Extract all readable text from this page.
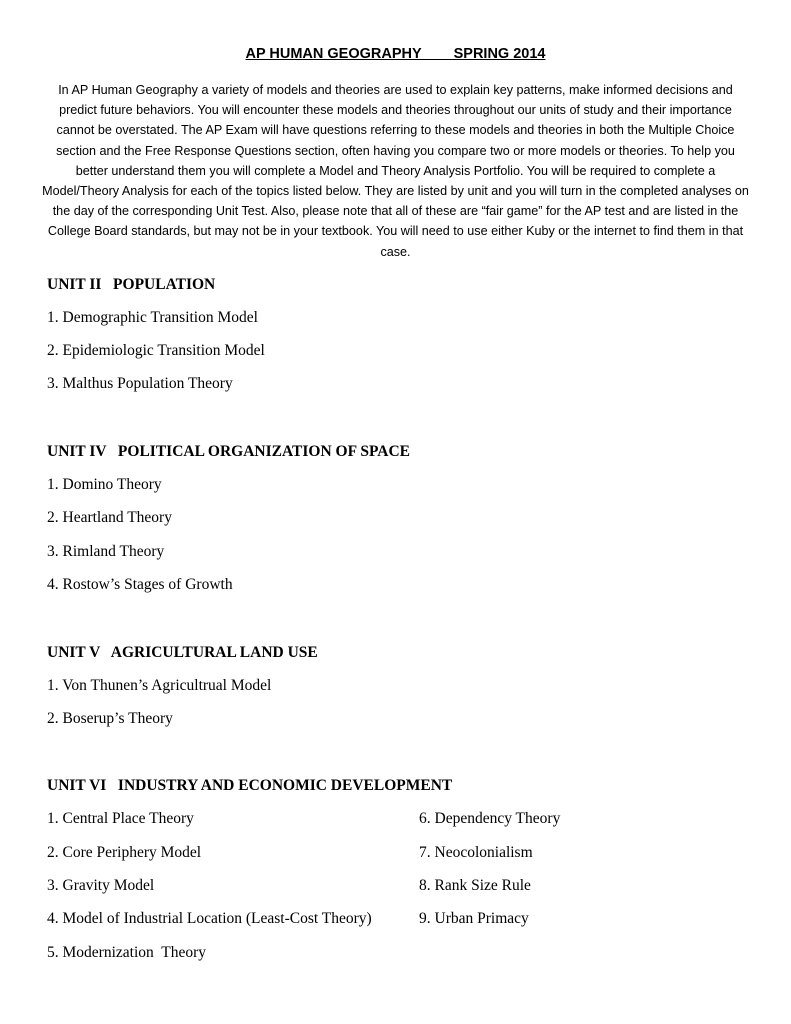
AP HUMAN GEOGRAPHY        SPRING 2014
In AP Human Geography a variety of models and theories are used to explain key patterns, make informed decisions and predict future behaviors. You will encounter these models and theories throughout our units of study and their importance cannot be overstated. The AP Exam will have questions referring to these models and theories in both the Multiple Choice section and the Free Response Questions section, often having you compare two or more models or theories. To help you better understand them you will complete a Model and Theory Analysis Portfolio. You will be required to complete a Model/Theory Analysis for each of the topics listed below. They are listed by unit and you will turn in the completed analyses on the day of the corresponding Unit Test. Also, please note that all of these are “fair game” for the AP test and are listed in the College Board standards, but may not be in your textbook. You will need to use either Kuby or the internet to find them in that case.
UNIT II   POPULATION
1. Demographic Transition Model
2. Epidemiologic Transition Model
3. Malthus Population Theory
UNIT IV   POLITICAL ORGANIZATION OF SPACE
1. Domino Theory
2. Heartland Theory
3. Rimland Theory
4. Rostow’s Stages of Growth
UNIT V   AGRICULTURAL LAND USE
1. Von Thunen’s Agricultrual Model
2. Boserup’s Theory
UNIT VI   INDUSTRY AND ECONOMIC DEVELOPMENT
1. Central Place Theory
2. Core Periphery Model
3. Gravity Model
4. Model of Industrial Location (Least-Cost Theory)
5. Modernization  Theory
6. Dependency Theory
7. Neocolonialism
8. Rank Size Rule
9. Urban Primacy
